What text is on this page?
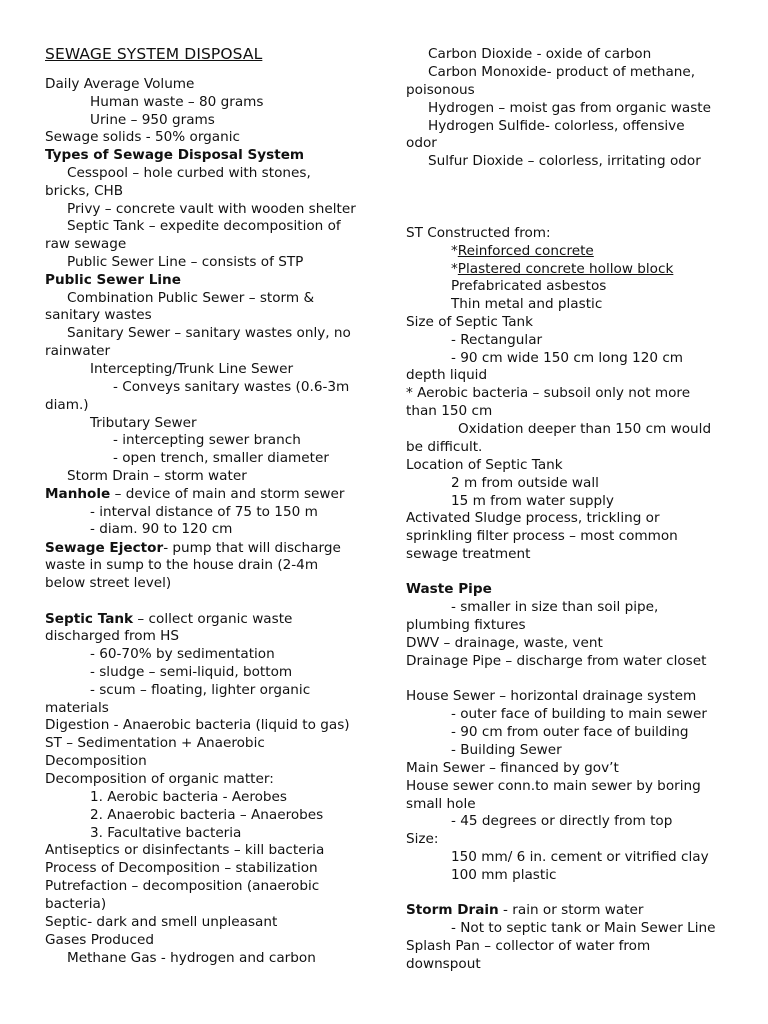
SEWAGE SYSTEM DISPOSAL
Daily Average Volume
Human waste – 80 grams
Urine – 950 grams
Sewage solids - 50% organic
Types of Sewage Disposal System
Cesspool – hole curbed with stones,
bricks, CHB
Privy – concrete vault with wooden shelter
Septic Tank – expedite decomposition of
raw sewage
Public Sewer Line – consists of STP
Public Sewer Line
Combination Public Sewer – storm &
sanitary wastes
Sanitary Sewer – sanitary wastes only, no
rainwater
Intercepting/Trunk Line Sewer
- Conveys sanitary wastes (0.6-3m
diam.)
Tributary Sewer
- intercepting sewer branch
- open trench, smaller diameter
Storm Drain – storm water
Manhole – device of main and storm sewer
- interval distance of 75 to 150 m
- diam. 90 to 120 cm
Sewage Ejector- pump that will discharge
waste in sump to the house drain (2-4m
below street level)
Septic Tank – collect organic waste
discharged from HS
- 60-70% by sedimentation
- sludge – semi-liquid, bottom
- scum – floating, lighter organic
materials
Digestion - Anaerobic bacteria (liquid to gas)
ST – Sedimentation + Anaerobic
Decomposition
Decomposition of organic matter:
1. Aerobic bacteria - Aerobes
2. Anaerobic bacteria – Anaerobes
3. Facultative bacteria
Antiseptics or disinfectants – kill bacteria
Process of Decomposition – stabilization
Putrefaction – decomposition (anaerobic
bacteria)
Septic- dark and smell unpleasant
Gases Produced
Methane Gas - hydrogen and carbon
Carbon Dioxide - oxide of carbon
Carbon Monoxide- product of methane,
poisonous
Hydrogen – moist gas from organic waste
Hydrogen Sulfide- colorless, offensive
odor
Sulfur Dioxide – colorless, irritating odor
ST Constructed from:
*Reinforced concrete
*Plastered concrete hollow block
Prefabricated asbestos
Thin metal and plastic
Size of Septic Tank
- Rectangular
- 90 cm wide 150 cm long 120 cm
depth liquid
* Aerobic bacteria – subsoil only not more
than 150 cm
Oxidation deeper than 150 cm would
be difficult.
Location of Septic Tank
2 m from outside wall
15 m from water supply
Activated Sludge process, trickling or
sprinkling filter process – most common
sewage treatment
Waste Pipe
- smaller in size than soil pipe,
plumbing fixtures
DWV – drainage, waste, vent
Drainage Pipe – discharge from water closet
House Sewer – horizontal drainage system
- outer face of building to main sewer
- 90 cm from outer face of building
- Building Sewer
Main Sewer – financed by gov’t
House sewer conn.to main sewer by boring
small hole
- 45 degrees or directly from top
Size:
150 mm/ 6 in. cement or vitrified clay
100 mm plastic
Storm Drain - rain or storm water
- Not to septic tank or Main Sewer Line
Splash Pan – collector of water from
downspout
